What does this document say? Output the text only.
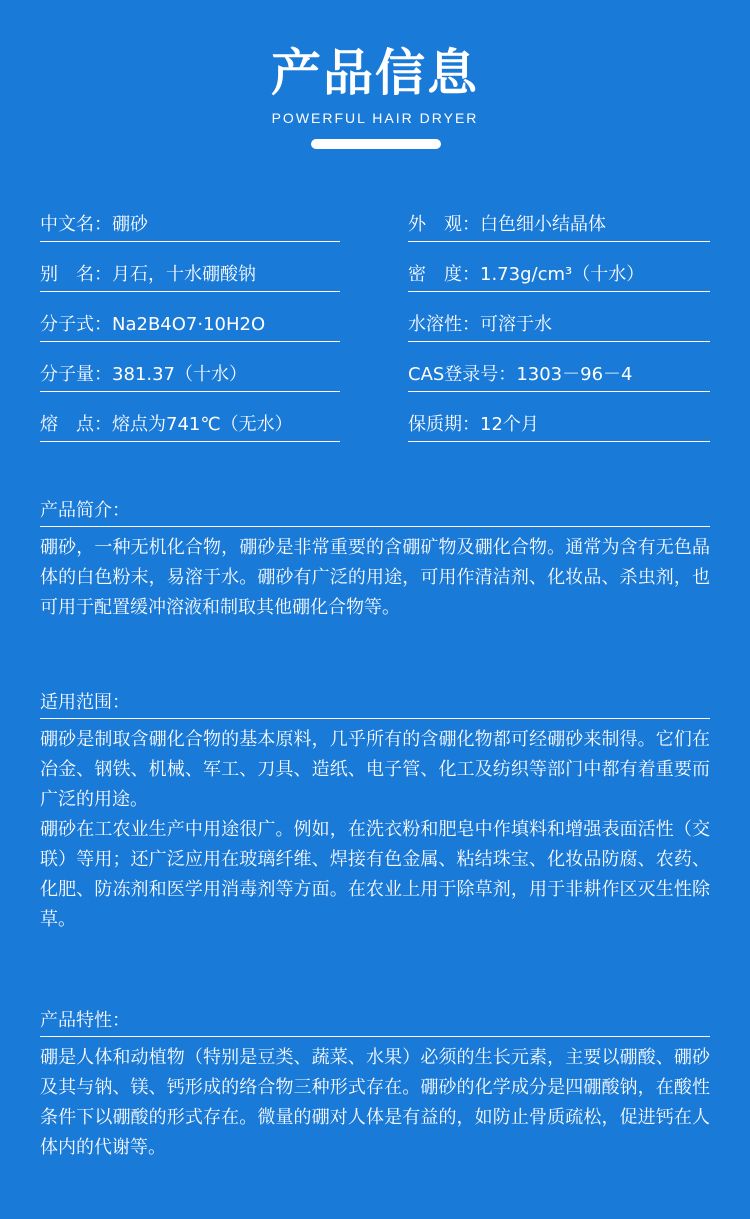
产品信息
POWERFUL HAIR DRYER
中文名： 硼砂	外　观： 白色细小结晶体
别　名： 月石，十水硼酸钠	密　度： 1.73g/cm³（十水）
分子式： Na2B4O7·10H2O	水溶性： 可溶于水
分子量： 381.37（十水）	CAS登录号： 1303－96－4
熔　点： 熔点为741℃（无水）	保质期： 12个月
产品简介：

硼砂，一种无机化合物，硼砂是非常重要的含硼矿物及硼化合物。通常为含有无色晶体的白色粉末，易溶于水。硼砂有广泛的用途，可用作清洁剂、化妆品、杀虫剂，也可用于配置缓冲溶液和制取其他硼化合物等。

适用范围：

硼砂是制取含硼化合物的基本原料，几乎所有的含硼化物都可经硼砂来制得。它们在冶金、钢铁、机械、军工、刀具、造纸、电子管、化工及纺织等部门中都有着重要而广泛的用途。

硼砂在工农业生产中用途很广。例如，在洗衣粉和肥皂中作填料和增强表面活性（交联）等用；还广泛应用在玻璃纤维、焊接有色金属、粘结珠宝、化妆品防腐、农药、化肥、防冻剂和医学用消毒剂等方面。在农业上用于除草剂，用于非耕作区灭生性除草。

产品特性：

硼是人体和动植物（特别是豆类、蔬菜、水果）必须的生长元素，主要以硼酸、硼砂及其与钠、镁、钙形成的络合物三种形式存在。硼砂的化学成分是四硼酸钠，在酸性条件下以硼酸的形式存在。微量的硼对人体是有益的，如防止骨质疏松，促进钙在人体内的代谢等。
